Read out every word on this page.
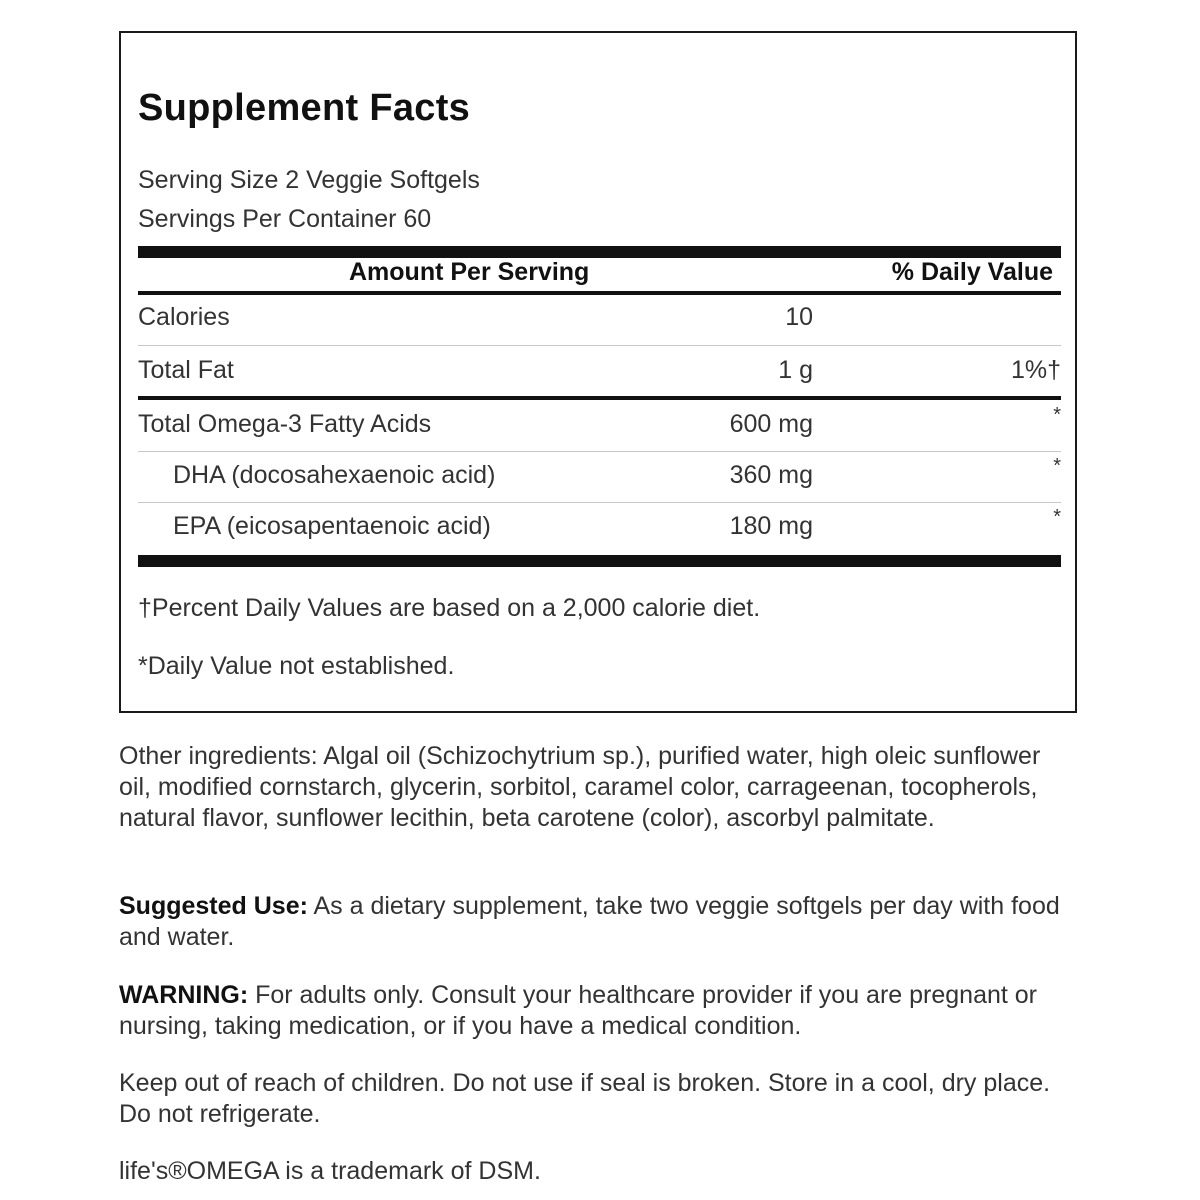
Supplement Facts
Serving Size 2 Veggie Softgels
Servings Per Container 60
Amount Per Serving	% Daily Value
Calories	10
Total Fat	1 g	1%†
Total Omega-3 Fatty Acids	600 mg	*
DHA (docosahexaenoic acid)	360 mg	*
EPA (eicosapentaenoic acid)	180 mg	*
†Percent Daily Values are based on a 2,000 calorie diet.
*Daily Value not established.

Other ingredients: Algal oil (Schizochytrium sp.), purified water, high oleic sunflower oil, modified cornstarch, glycerin, sorbitol, caramel color, carrageenan, tocopherols, natural flavor, sunflower lecithin, beta carotene (color), ascorbyl palmitate.

Suggested Use: As a dietary supplement, take two veggie softgels per day with food and water.

WARNING: For adults only. Consult your healthcare provider if you are pregnant or nursing, taking medication, or if you have a medical condition.

Keep out of reach of children. Do not use if seal is broken. Store in a cool, dry place. Do not refrigerate.

life's®OMEGA is a trademark of DSM.
